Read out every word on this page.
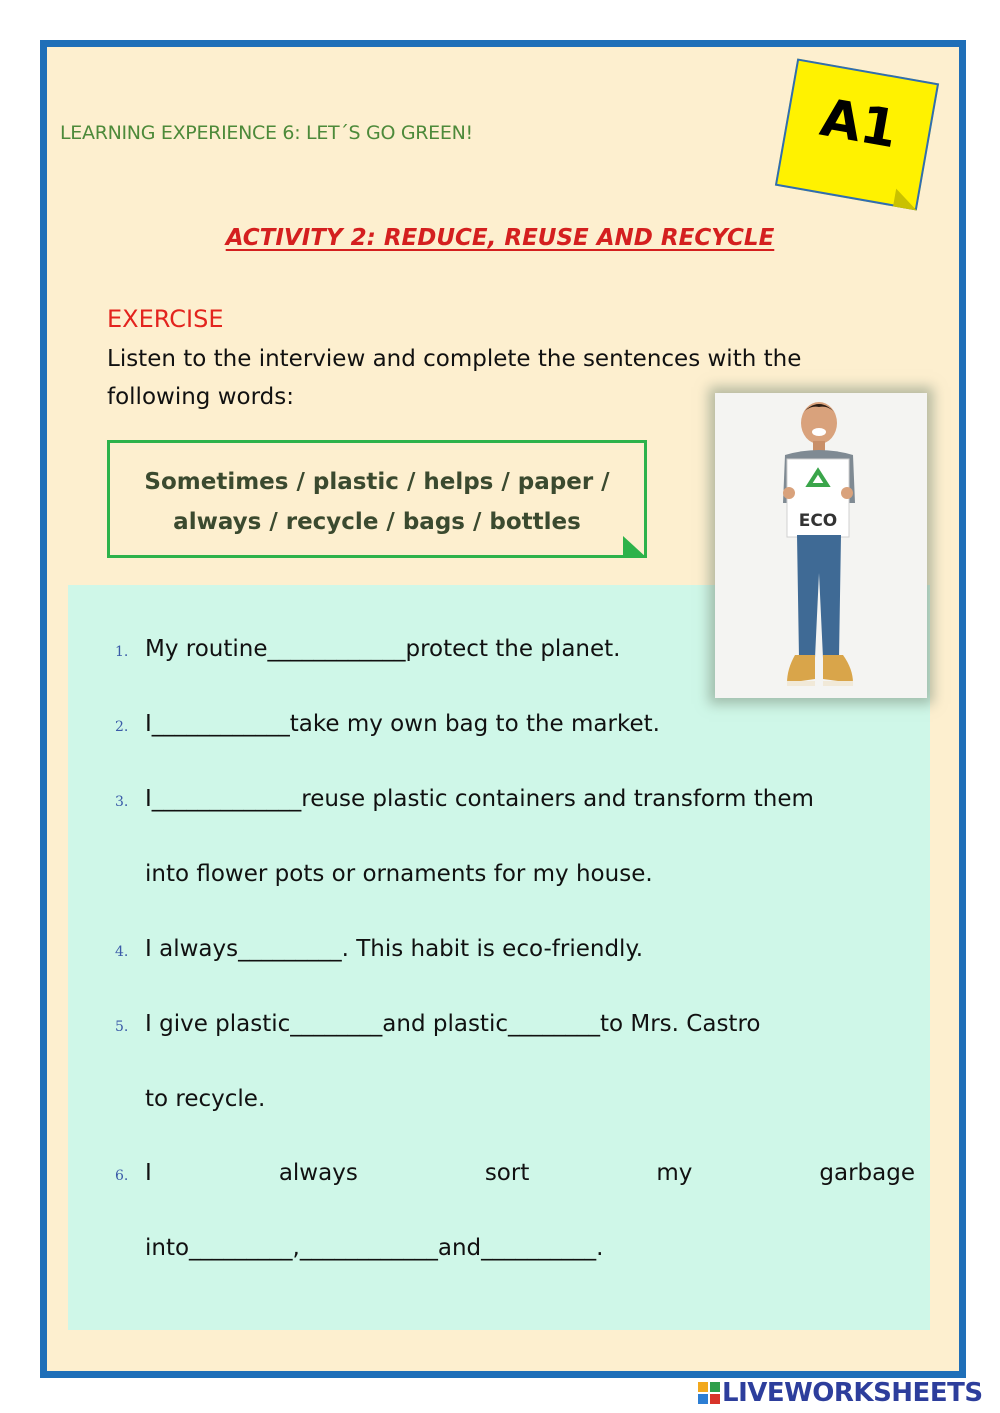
LEARNING EXPERIENCE 6: LET´S GO GREEN!	A1
ACTIVITY 2: REDUCE, REUSE AND RECYCLE
EXERCISE
Listen to the interview and complete the sentences with the
following words:
Sometimes / plastic / helps / paper /
always / recycle / bags / bottles	ECO
1. My routine____________protect the planet.
2. I____________take my own bag to the market.
3. I_____________reuse plastic containers and transform them
into flower pots or ornaments for my house.
4. I always_________. This habit is eco-friendly.
5. I give plastic________and plastic________to Mrs. Castro
to recycle.
6. I	always	sort	my	garbage
into_________,____________and__________.
LIVEWORKSHEETS
